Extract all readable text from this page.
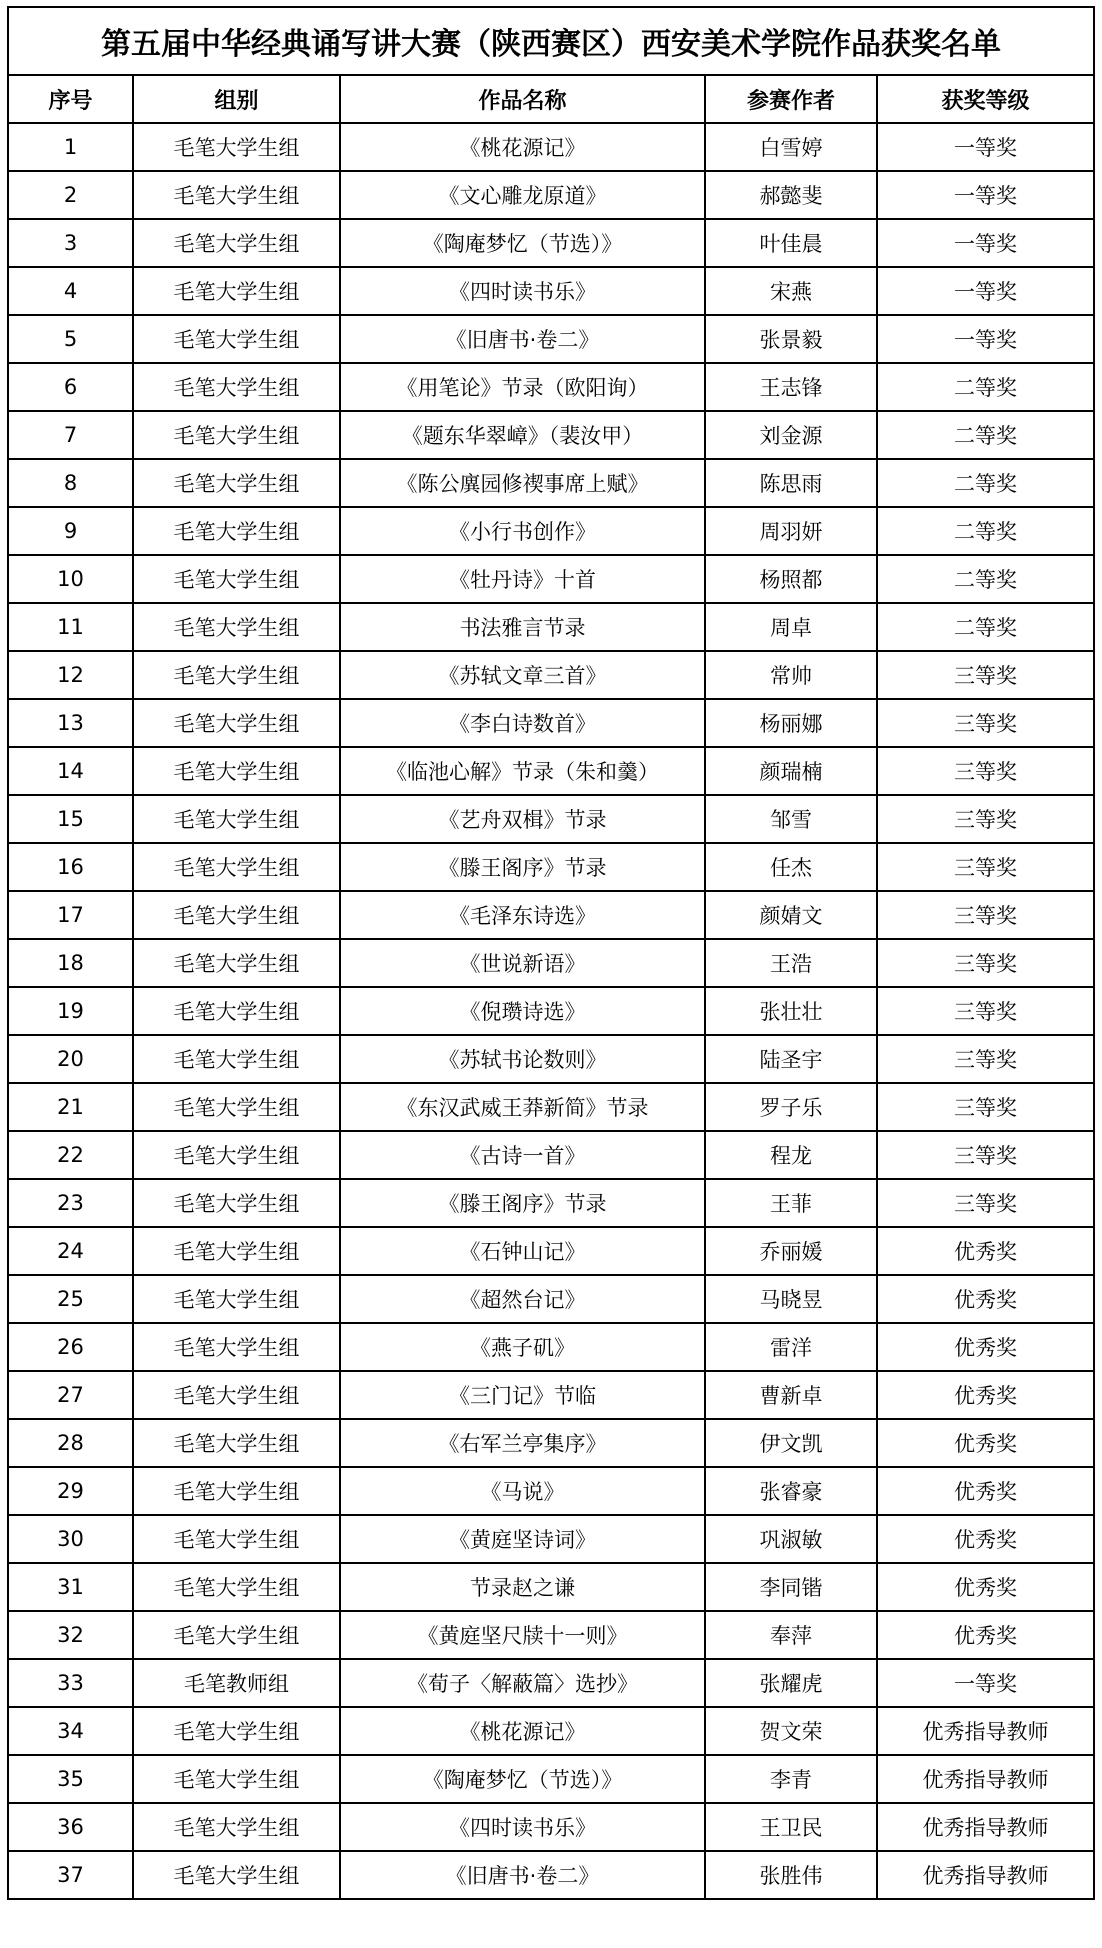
第五届中华经典诵写讲大赛（陕西赛区）西安美术学院作品获奖名单				
序号	组别	作品名称	参赛作者	获奖等级
1	毛笔大学生组	《桃花源记》	白雪婷	一等奖
2	毛笔大学生组	《文心雕龙原道》	郝懿斐	一等奖
3	毛笔大学生组	《陶庵梦忆（节选）》	叶佳晨	一等奖
4	毛笔大学生组	《四时读书乐》	宋燕	一等奖
5	毛笔大学生组	《旧唐书·卷二》	张景毅	一等奖
6	毛笔大学生组	《用笔论》节录（欧阳询）	王志锋	二等奖
7	毛笔大学生组	《题东华翠嶂》（裴汝甲）	刘金源	二等奖
8	毛笔大学生组	《陈公廙园修禊事席上赋》	陈思雨	二等奖
9	毛笔大学生组	《小行书创作》	周羽妍	二等奖
10	毛笔大学生组	《牡丹诗》十首	杨照都	二等奖
11	毛笔大学生组	书法雅言节录	周卓	二等奖
12	毛笔大学生组	《苏轼文章三首》	常帅	三等奖
13	毛笔大学生组	《李白诗数首》	杨丽娜	三等奖
14	毛笔大学生组	《临池心解》节录（朱和羹）	颜瑞楠	三等奖
15	毛笔大学生组	《艺舟双楫》节录	邹雪	三等奖
16	毛笔大学生组	《滕王阁序》节录	任杰	三等奖
17	毛笔大学生组	《毛泽东诗选》	颜婧文	三等奖
18	毛笔大学生组	《世说新语》	王浩	三等奖
19	毛笔大学生组	《倪瓒诗选》	张壮壮	三等奖
20	毛笔大学生组	《苏轼书论数则》	陆圣宇	三等奖
21	毛笔大学生组	《东汉武威王莽新简》节录	罗子乐	三等奖
22	毛笔大学生组	《古诗一首》	程龙	三等奖
23	毛笔大学生组	《滕王阁序》节录	王菲	三等奖
24	毛笔大学生组	《石钟山记》	乔丽媛	优秀奖
25	毛笔大学生组	《超然台记》	马晓昱	优秀奖
26	毛笔大学生组	《燕子矶》	雷洋	优秀奖
27	毛笔大学生组	《三门记》节临	曹新卓	优秀奖
28	毛笔大学生组	《右军兰亭集序》	伊文凯	优秀奖
29	毛笔大学生组	《马说》	张睿豪	优秀奖
30	毛笔大学生组	《黄庭坚诗词》	巩淑敏	优秀奖
31	毛笔大学生组	节录赵之谦	李同锴	优秀奖
32	毛笔大学生组	《黄庭坚尺牍十一则》	奉萍	优秀奖
33	毛笔教师组	《荀子〈解蔽篇〉选抄》	张耀虎	一等奖
34	毛笔大学生组	《桃花源记》	贺文荣	优秀指导教师
35	毛笔大学生组	《陶庵梦忆（节选）》	李青	优秀指导教师
36	毛笔大学生组	《四时读书乐》	王卫民	优秀指导教师
37	毛笔大学生组	《旧唐书·卷二》	张胜伟	优秀指导教师
